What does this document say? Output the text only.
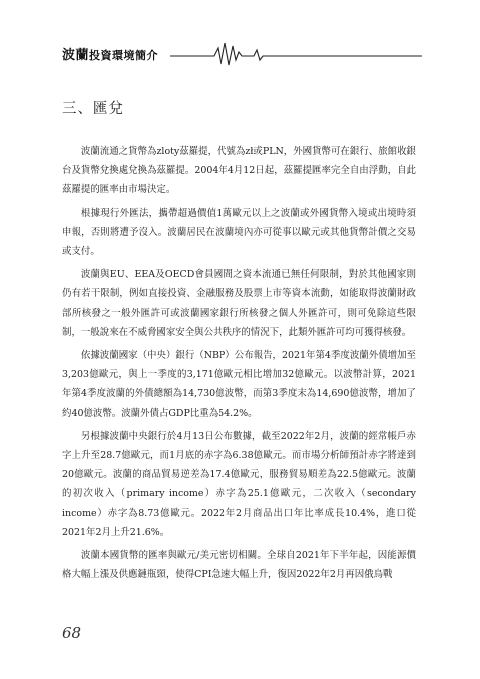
波蘭投資環境簡介
三、匯兌

波蘭流通之貨幣為zloty茲羅提，代號為zł或PLN，外國貨幣可在銀行、旅館收銀台及貨幣兌換處兌換為茲羅提。2004年4月12日起，茲羅提匯率完全自由浮動，自此茲羅提的匯率由市場決定。

根據現行外匯法，攜帶超過價值1萬歐元以上之波蘭或外國貨幣入境或出境時須申報，否則將遭予沒入。波蘭居民在波蘭境內亦可從事以歐元或其他貨幣計價之交易或支付。

波蘭與EU、EEA及OECD會員國間之資本流通已無任何限制，對於其他國家則仍有若干限制，例如直接投資、金融服務及股票上市等資本流動，如能取得波蘭財政部所核發之一般外匯許可或波蘭國家銀行所核發之個人外匯許可，則可免除這些限制，一般說來在不威脅國家安全與公共秩序的情況下，此類外匯許可均可獲得核發。

依據波蘭國家（中央）銀行（NBP）公布報告，2021年第4季度波蘭外債增加至3,203億歐元，與上一季度的3,171億歐元相比增加32億歐元。以波幣計算，2021年第4季度波蘭的外債總額為14,730億波幣，而第3季度末為14,690億波幣，增加了約40億波幣。波蘭外債占GDP比重為54.2%。

另根據波蘭中央銀行於4月13日公布數據，截至2022年2月，波蘭的經常帳戶赤字上升至28.7億歐元，而1月底的赤字為6.38億歐元。而市場分析師預計赤字將達到20億歐元。波蘭的商品貿易逆差為17.4億歐元，服務貿易順差為22.5億歐元。波蘭的初次收入（primary income）赤字為25.1億歐元，二次收入（secondary income）赤字為8.73億歐元。2022年2月商品出口年比率成長10.4%，進口從2021年2月上升21.6%。

波蘭本國貨幣的匯率與歐元/美元密切相關。全球自2021年下半年起，因能源價格大幅上漲及供應鏈瓶頸，使得CPI急速大幅上升，復因2022年2月再因俄烏戰

68
